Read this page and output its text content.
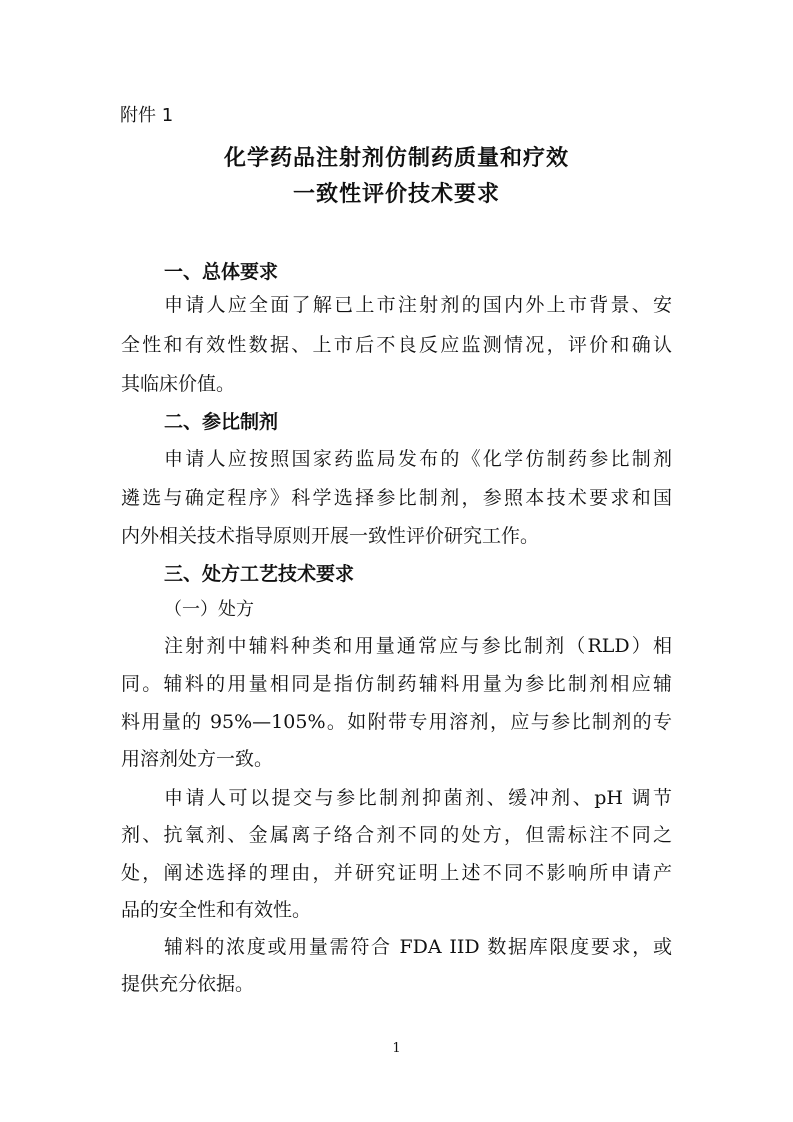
附件 1
化学药品注射剂仿制药质量和疗效
一致性评价技术要求
一、总体要求
申请人应全面了解已上市注射剂的国内外上市背景、安
全性和有效性数据、上市后不良反应监测情况，评价和确认
其临床价值。
二、参比制剂
申请人应按照国家药监局发布的《化学仿制药参比制剂
遴选与确定程序》科学选择参比制剂，参照本技术要求和国
内外相关技术指导原则开展一致性评价研究工作。
三、处方工艺技术要求
（一）处方
注射剂中辅料种类和用量通常应与参比制剂（RLD）相
同。辅料的用量相同是指仿制药辅料用量为参比制剂相应辅
料用量的 95%—105%。如附带专用溶剂，应与参比制剂的专
用溶剂处方一致。
申请人可以提交与参比制剂抑菌剂、缓冲剂、pH 调节
剂、抗氧剂、金属离子络合剂不同的处方，但需标注不同之
处，阐述选择的理由，并研究证明上述不同不影响所申请产
品的安全性和有效性。
辅料的浓度或用量需符合 FDA IID 数据库限度要求，或
提供充分依据。
1
